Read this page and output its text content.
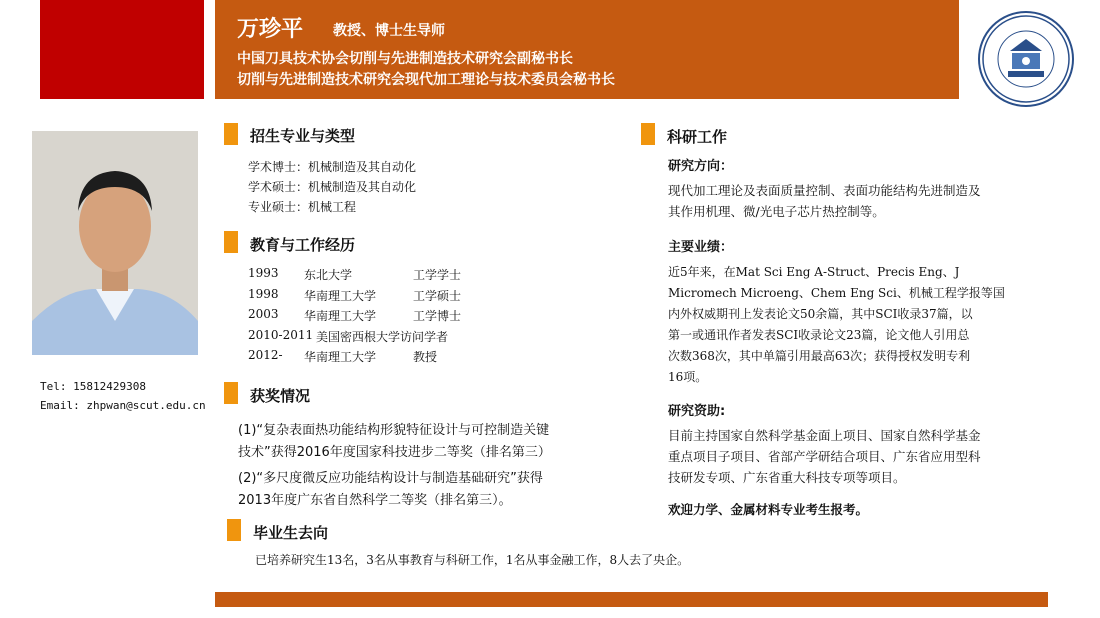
万珍平 教授、博士生导师
中国刀具技术协会切削与先进制造技术研究会副秘书长
切削与先进制造技术研究会现代加工理论与技术委员会秘书长
Tel: 15812429308
Email: zhpwan@scut.edu.cn
招生专业与类型
学术博士：机械制造及其自动化
学术硕士：机械制造及其自动化
专业硕士：机械工程
教育与工作经历
1993 东北大学	工学学士
1998 华南理工大学	工学硕士
2003 华南理工大学	工学博士
2010-2011 美国密西根大学访问学者
2012- 华南理工大学	教授
获奖情况
(1)“复杂表面热功能结构形貌特征设计与可控制造关键
技术”获得2016年度国家科技进步二等奖（排名第三）
(2)“多尺度微反应功能结构设计与制造基础研究”获得
2013年度广东省自然科学二等奖（排名第三）。
毕业生去向
已培养研究生13名，3名从事教育与科研工作，1名从事金融工作，8人去了央企。
科研工作
研究方向：
现代加工理论及表面质量控制、表面功能结构先进制造及
其作用机理、微/光电子芯片热控制等。
主要业绩：
近5年来，在Mat Sci Eng A-Struct、Precis Eng、J
Micromech Microeng、Chem Eng Sci、机械工程学报等国
内外权威期刊上发表论文50余篇，其中SCI收录37篇，以
第一或通讯作者发表SCI收录论文23篇，论文他人引用总
次数368次，其中单篇引用最高63次；获得授权发明专利
16项。
研究资助:
目前主持国家自然科学基金面上项目、国家自然科学基金
重点项目子项目、省部产学研结合项目、广东省应用型科
技研发专项、广东省重大科技专项等项目。
欢迎力学、金属材料专业考生报考。
